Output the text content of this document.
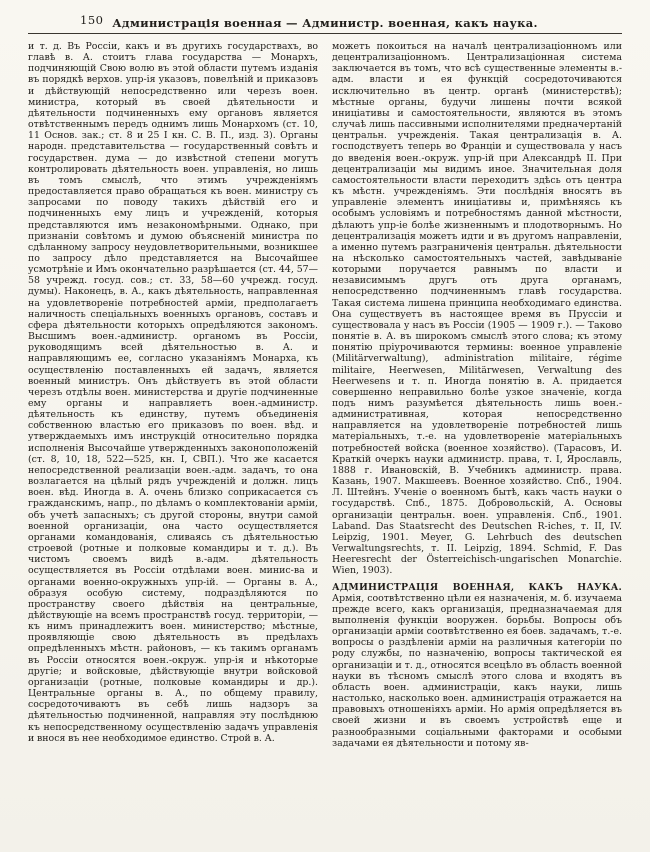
150 Администрація военная — Администр. военная, какъ наука.

и т. д. Въ Россіи, какъ и въ другихъ государствахъ, во главѣ в. А. стоитъ глава государства — Монархъ, подчиняющій Свою волю въ этой области путемъ изданія въ порядкѣ верхов. упр-ія указовъ, повелѣній и приказовъ и дѣйствующій непосредственно или черезъ воен. министра, который въ своей дѣятельности и дѣятельности подчиненныхъ ему органовъ является отвѣтственнымъ передъ однимъ лишь Монархомъ (ст. 10, 11 Основ. зак.; ст. 8 и 25 I кн. С. В. П., изд. 3). Органы народн. представительства — государственный совѣтъ и государствен. дума — до извѣстной степени могутъ контролировать дѣятельность воен. управленія, но лишь въ томъ смыслѣ, что этимъ учрежденіямъ предоставляется право обращаться къ воен. министру съ запросами по поводу такихъ дѣйствій его и подчиненныхъ ему лицъ и учрежденій, которыя представляются имъ незакономѣрными. Однако, при признаніи совѣтомъ и думою объясненій министра по сдѣланному запросу неудовлетворительными, возникшее по запросу дѣло представляется на Высочайшее усмотрѣніе и Имъ окончательно разрѣшается (ст. 44, 57—58 учрежд. госуд. сов.; ст. 33, 58—60 учрежд. госуд. думы). Наконецъ, в. А., какъ дѣятельность, направленная на удовлетвореніе потребностей арміи, предполагаетъ наличность спеціальныхъ военныхъ органовъ, составъ и сфера дѣятельности которыхъ опредѣляются закономъ. Высшимъ воен.-администр. органомъ въ Россіи, руководящимъ всей дѣятельностью в. А. и направляющимъ ее, согласно указаніямъ Монарха, къ осуществленію поставленныхъ ей задачъ, является военный министръ. Онъ дѣйствуетъ въ этой области черезъ отдѣлы воен. министерства и другіе подчиненные ему органы и направляетъ воен.-администр. дѣятельность къ единству, путемъ объединенія собственною властью его приказовъ по воен. вѣд. и утверждаемыхъ имъ инструкцій относительно порядка исполненія Высочайше утвержденныхъ законоположеній (ст. 8, 10, 18, 522—525, кн. I, СВП.). Что же касается непосредственной реализаціи воен.-адм. задачъ, то она возлагается на цѣлый рядъ учрежденій и должн. лицъ воен. вѣд. Иногда в. А. очень близко соприкасается съ гражданскимъ, напр., по дѣламъ о комплектованіи арміи, объ учетѣ запасныхъ; съ другой стороны, внутри самой военной организаціи, она часто осуществляется органами командованія, сливаясь съ дѣятельностью строевой (ротные и полковые командиры и т. д.). Въ чистомъ своемъ видѣ в.-адм. дѣятельность осуществляется въ Россіи отдѣлами воен. минис-ва и органами военно-окружныхъ упр-ій. — Органы в. А., образуя особую систему, подраздѣляются по пространству своего дѣйствія на центральные, дѣйствующіе на всемъ пространствѣ госуд. территоріи, — къ нимъ принадлежитъ воен. министерство; мѣстные, проявляющіе свою дѣятельность въ предѣлахъ опредѣленныхъ мѣстн. районовъ, — къ такимъ органамъ въ Россіи относятся воен.-окруж. упр-ія и нѣкоторые другіе; и войсковые, дѣйствующіе внутри войсковой организаціи (ротные, полковые командиры и др.). Центральные органы в. А., по общему правилу, сосредоточиваютъ въ себѣ лишь надзоръ за дѣятельностью подчиненной, направляя эту послѣднюю къ непосредственному осуществленію задачъ управленія и внося въ нее необходимое единство. Строй в. А.

можетъ покоиться на началѣ централизаціонномъ или децентрализаціонномъ. Централизаціонная система заключается въ томъ, что всѣ существенные элементы в.-адм. власти и ея функцій сосредоточиваются исключительно въ центр. органѣ (министерствѣ); мѣстные органы, будучи лишены почти всякой иниціативы и самостоятельности, являются въ этомъ случаѣ лишь пассивными исполнителями предначертаній центральн. учрежденія. Такая централизація в. А. господствуетъ теперь во Франціи и существовала у насъ до введенія воен.-окруж. упр-ій при Александрѣ II. При децентрализаціи мы видимъ иное. Значительная доля самостоятельности власти переходитъ здѣсь отъ центра къ мѣстн. учрежденіямъ. Эти послѣднія вносятъ въ управленіе элементъ иниціативы и, примѣняясь къ особымъ условіямъ и потребностямъ данной мѣстности, дѣлаютъ упр-іе болѣе жизненнымъ и плодотворнымъ. Но децентрализація можетъ идти и въ другомъ направленіи, а именно путемъ разграниченія центральн. дѣятельности на нѣсколько самостоятельныхъ частей, завѣдываніе которыми поручается равнымъ по власти и независимымъ другъ отъ друга органамъ, непосредственно подчиненнымъ главѣ государства. Такая система лишена принципа необходимаго единства. Она существуетъ въ настоящее время въ Пруссіи и существовала у насъ въ Россіи (1905 — 1909 г.). — Таково понятіе в. А. въ широкомъ смыслѣ этого слова; къ этому понятію пріурочиваются термины: военное управленіе (Militärverwaltung), administration militaire, régime militaire, Heerwesen, Militärwesen, Verwaltung des Heerwesens и т. п. Иногда понятію в. А. придается совершенно неправильно болѣе узкое значеніе, когда подъ нимъ разумѣется дѣятельность лишь воен.-административная, которая непосредственно направляется на удовлетвореніе потребностей лишь матеріальныхъ, т.-е. на удовлетвореніе матеріальныхъ потребностей войска (военное хозяйство). (Тарасовъ, И. Краткій очеркъ науки администр. права, т. I, Ярославль, 1888 г. Ивановскій, В. Учебникъ администр. права. Казань, 1907. Макшеевъ. Военное хозяйство. Спб., 1904. Л. Штейнъ. Ученіе о военномъ бытѣ, какъ часть науки о государствѣ. Спб., 1875. Добровольскій, А. Основы организаціи центральн. воен. управленія. Спб., 1901. Laband. Das Staatsrecht des Deutschen R-iches, т. II, IV. Leipzig, 1901. Meyer, G. Lehrbuch des deutschen Verwaltungsrechts, т. II. Leipzig, 1894. Schmid, F. Das Heeresrecht der Österreichisch-ungarischen Monarchie. Wien, 1903).

АДМИНИСТРАЦІЯ ВОЕННАЯ, КАКЪ НАУКА. Армія, соотвѣтственно цѣли ея назначенія, м. б. изучаема прежде всего, какъ организація, предназначаемая для выполненія функціи вооружен. борьбы. Вопросы объ организаціи арміи соотвѣтственно ея боев. задачамъ, т.-е. вопросы о раздѣленіи арміи на различныя категоріи по роду службы, по назначенію, вопросы тактической ея организаціи и т. д., относятся всецѣло въ область военной науки въ тѣсномъ смыслѣ этого слова и входятъ въ область воен. администраціи, какъ науки, лишь настолько, насколько воен. администрація отражается на правовыхъ отношеніяхъ арміи. Но армія опредѣляется въ своей жизни и въ своемъ устройствѣ еще и разнообразными соціальными факторами и особыми задачами ея дѣятельности и потому яв-
